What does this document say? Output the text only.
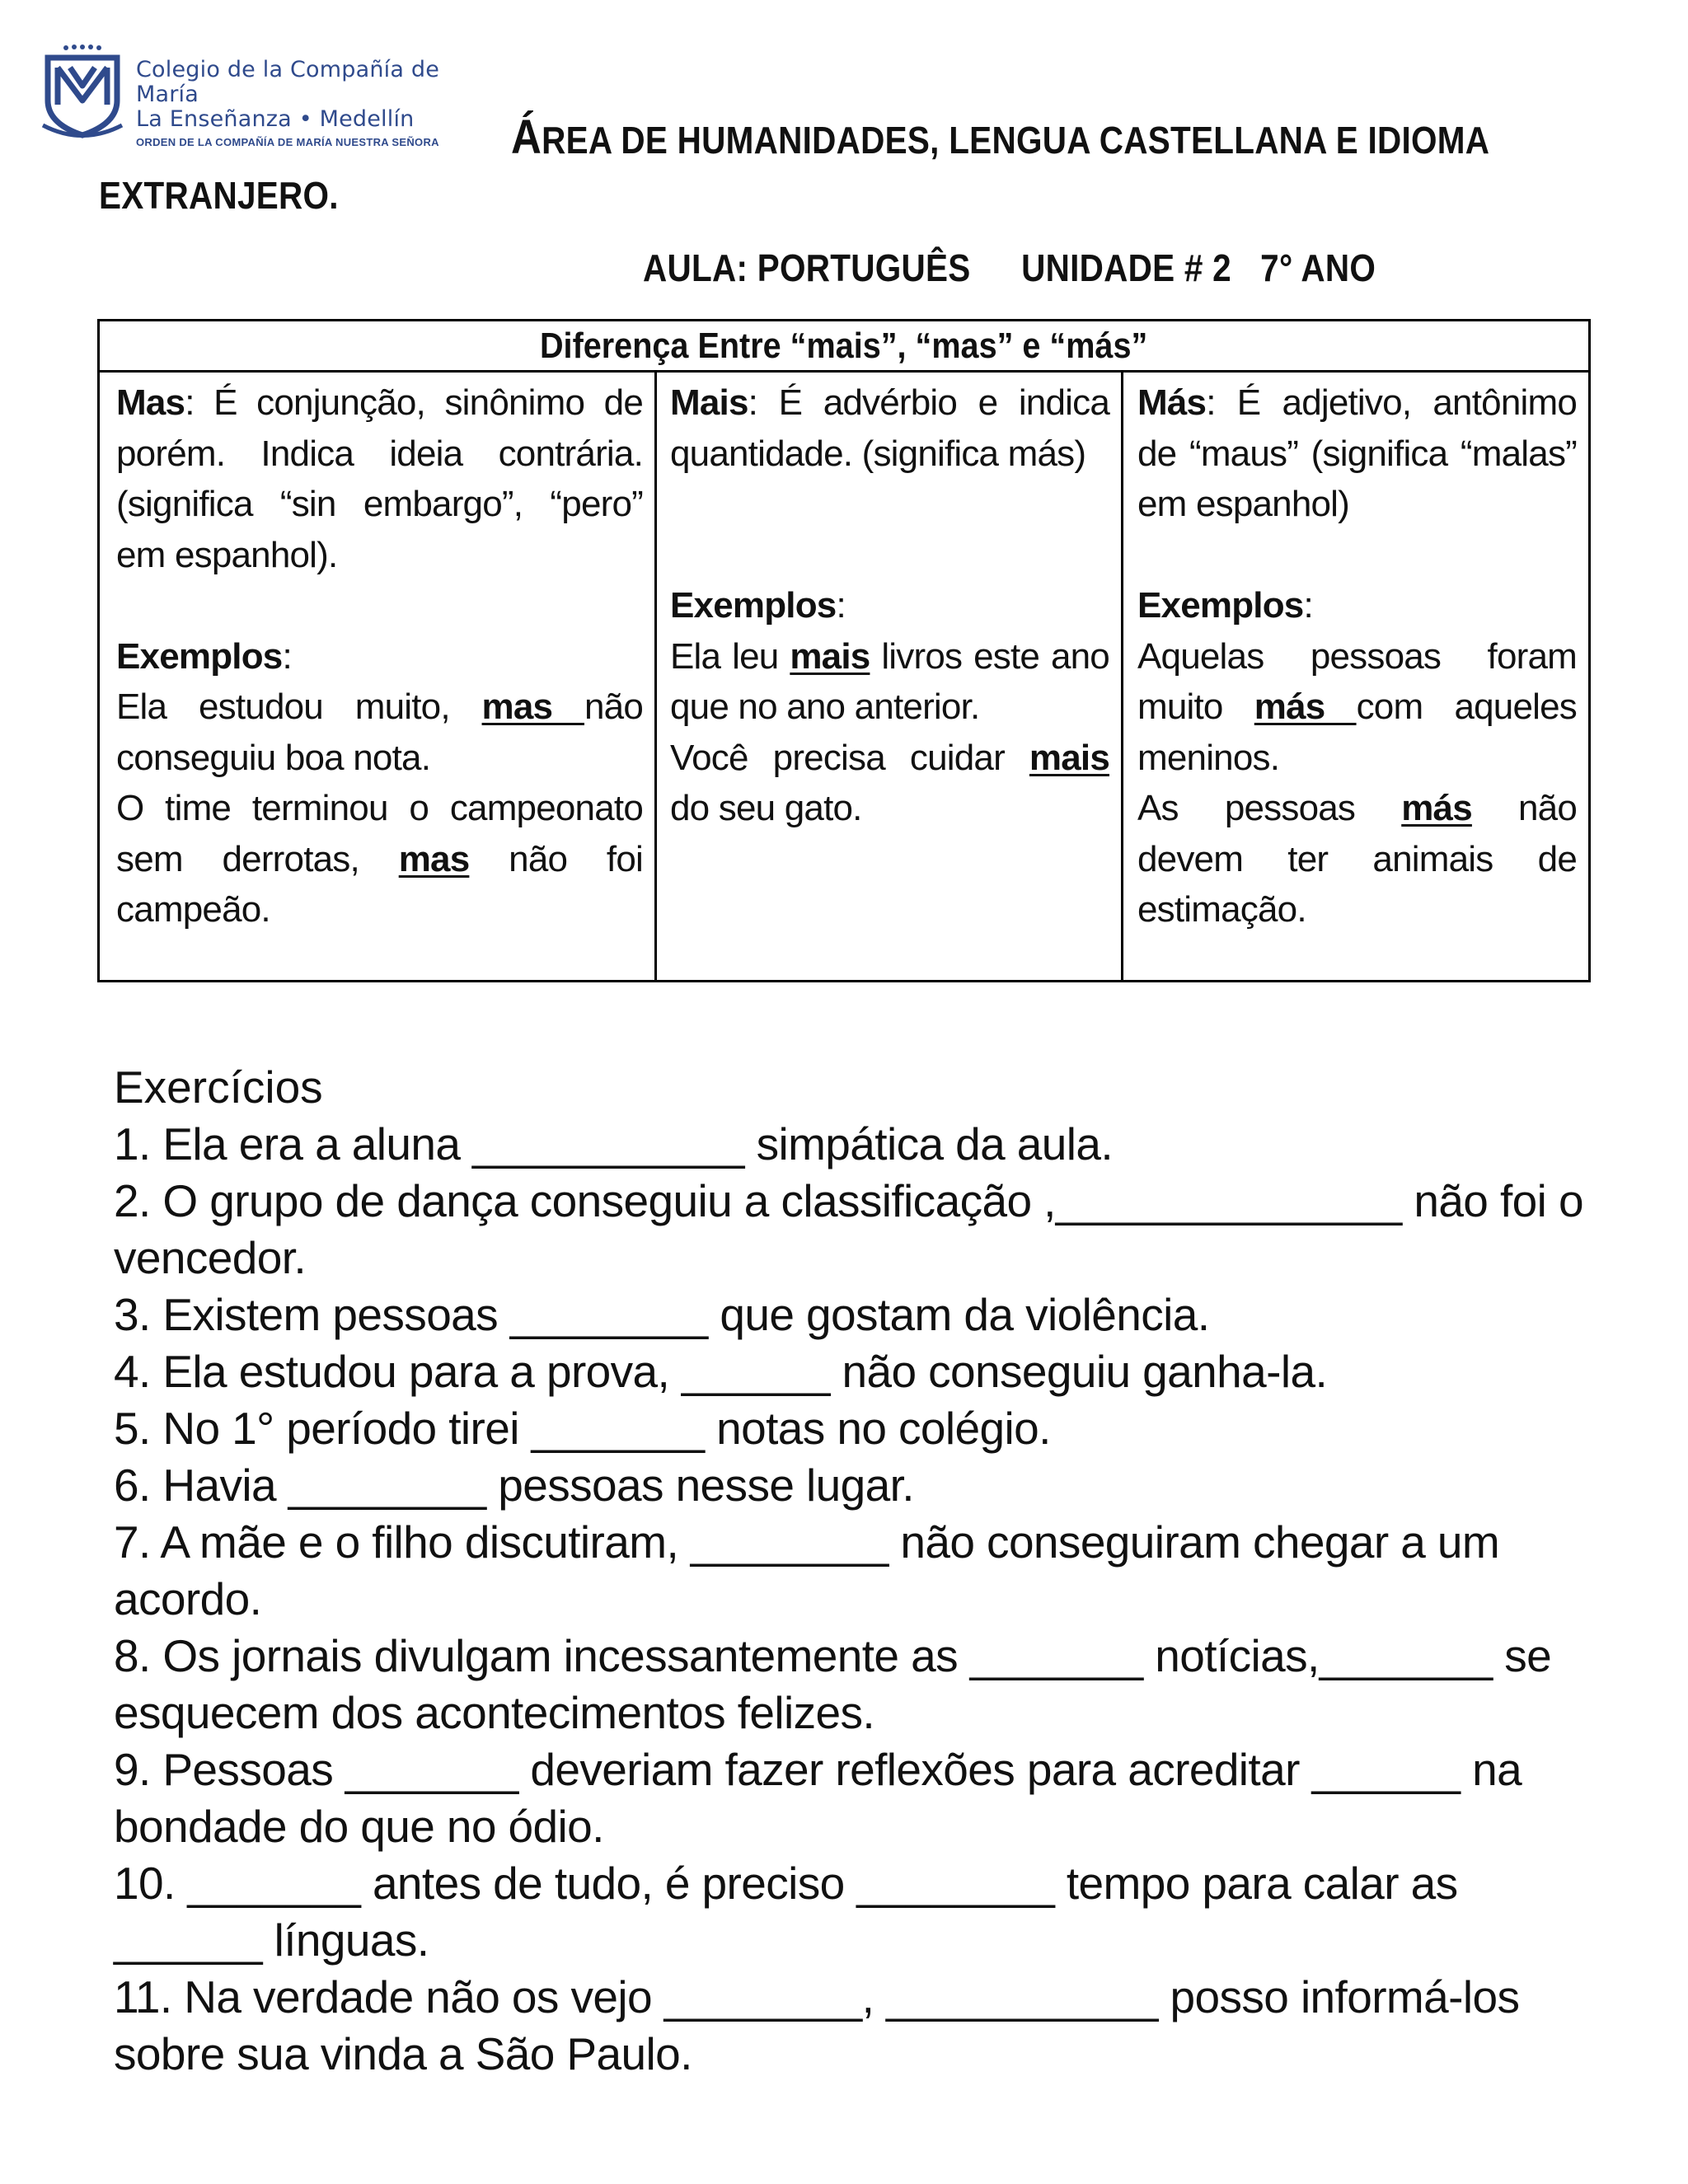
Colegio de la Compañía de María
La Enseñanza • Medellín
ORDEN DE LA COMPAÑÍA DE MARÍA NUESTRA SEÑORA	ÁREA DE HUMANIDADES, LENGUA CASTELLANA E IDIOMA
EXTRANJERO.
AULA: PORTUGUÊS UNIDADE # 2 7° ANO
Diferença Entre “mais”, “mas” e “más”

Mas: É conjunção, sinônimo de porém. Indica ideia contrária. (significa “sin embargo”, “pero” em espanhol).

Exemplos:

Ela estudou muito, mas não conseguiu boa nota.

O time terminou o campeonato sem derrotas, mas não foi campeão.

Mais: É advérbio e indica quantidade. (significa más)

Exemplos:

Ela leu mais livros este ano que no ano anterior.

Você precisa cuidar mais do seu gato.

Más: É adjetivo, antônimo de “maus” (significa “malas” em espanhol)

Exemplos:

Aquelas pessoas foram muito más com aqueles meninos.

As pessoas más não devem ter animais de estimação.

Exercícios

1. Ela era a aluna ___________ simpática da aula.

2. O grupo de dança conseguiu a classificação ,______________ não foi o vencedor.

3. Existem pessoas ________ que gostam da violência.

4. Ela estudou para a prova, ______ não conseguiu ganha-la.

5. No 1° período tirei _______ notas no colégio.

6. Havia ________ pessoas nesse lugar.

7. A mãe e o filho discutiram, ________ não conseguiram chegar a um acordo.

8. Os jornais divulgam incessantemente as _______ notícias,_______ se esquecem dos acontecimentos felizes.

9. Pessoas _______ deveriam fazer reflexões para acreditar ______ na bondade do que no ódio.

10. _______ antes de tudo, é preciso ________ tempo para calar as ______ línguas.

11. Na verdade não os vejo ________, ___________ posso informá-los sobre sua vinda a São Paulo.
